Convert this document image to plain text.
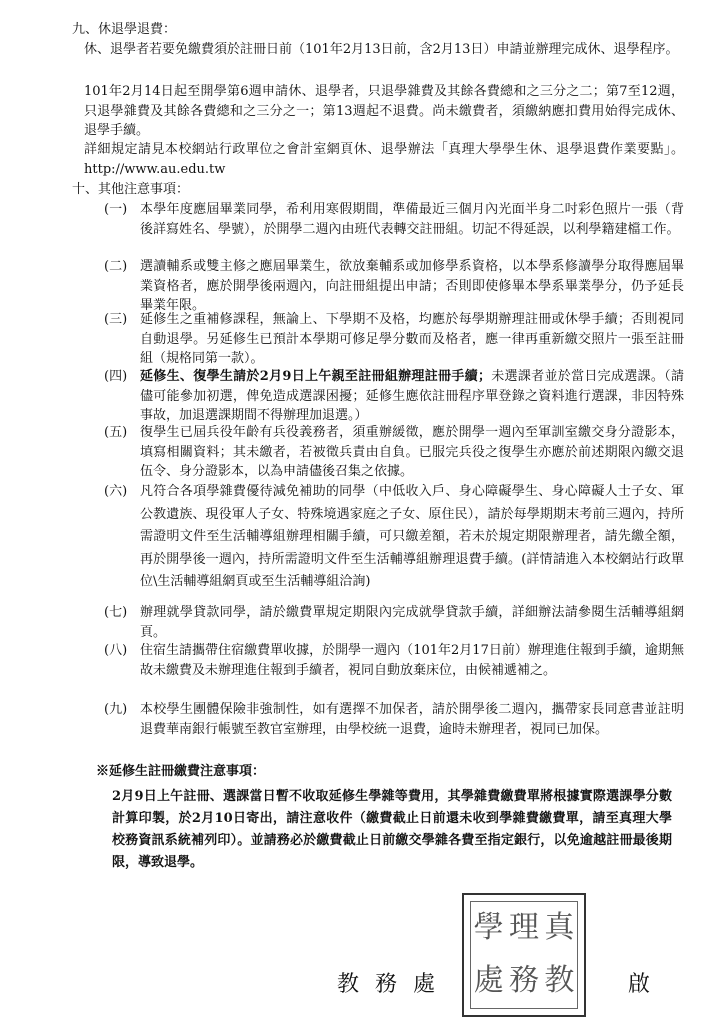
九、休退學退費：
休、退學者若要免繳費須於註冊日前（101年2月13日前，含2月13日）申請並辦理完成休、退學程序。
101年2月14日起至開學第6週申請休、退學者，只退學雜費及其餘各費總和之三分之二；第7至12週，只退學雜費及其餘各費總和之三分之一；第13週起不退費。尚未繳費者，須繳納應扣費用始得完成休、退學手續。
詳細規定請見本校網站行政單位之會計室網頁休、退學辦法「真理大學學生休、退學退費作業要點」。http://www.au.edu.tw
十、其他注意事項：
(一) 本學年度應屆畢業同學，希利用寒假期間，準備最近三個月內光面半身二吋彩色照片一張（背後詳寫姓名、學號），於開學二週內由班代表轉交註冊組。切記不得延誤，以利學籍建檔工作。
(二) 選讀輔系或雙主修之應屆畢業生，欲放棄輔系或加修學系資格，以本學系修讀學分取得應屆畢業資格者，應於開學後兩週內，向註冊組提出申請；否則即使修畢本學系畢業學分，仍予延長畢業年限。
(三) 延修生之重補修課程，無論上、下學期不及格，均應於每學期辦理註冊或休學手續；否則視同自動退學。另延修生已預計本學期可修足學分數而及格者，應一律再重新繳交照片一張至註冊組（規格同第一款）。
(四) 延修生、復學生請於2月9日上午親至註冊組辦理註冊手續；未選課者並於當日完成選課。（請儘可能參加初選，俾免造成選課困擾；延修生應依註冊程序單登錄之資料進行選課，非因特殊事故，加退選課期間不得辦理加退選。）
(五) 復學生已屆兵役年齡有兵役義務者，須重辦緩徵，應於開學一週內至軍訓室繳交身分證影本，填寫相關資料；其未繳者，若被徵兵責由自負。已服完兵役之復學生亦應於前述期限內繳交退伍令、身分證影本，以為申請儘後召集之依據。
(六) 凡符合各項學雜費優待減免補助的同學（中低收入戶、身心障礙學生、身心障礙人士子女、軍公教遺族、現役軍人子女、特殊境遇家庭之子女、原住民），請於每學期期末考前三週內，持所需證明文件至生活輔導組辦理相關手續，可只繳差額，若未於規定期限辦理者，請先繳全額，再於開學後一週內，持所需證明文件至生活輔導組辦理退費手續。(詳情請進入本校網站行政單位\生活輔導組網頁或至生活輔導組洽詢)
(七) 辦理就學貸款同學，請於繳費單規定期限內完成就學貸款手續，詳細辦法請參閱生活輔導組網頁。
(八) 住宿生請攜帶住宿繳費單收據，於開學一週內（101年2月17日前）辦理進住報到手續，逾期無故未繳費及未辦理進住報到手續者，視同自動放棄床位，由候補遞補之。
(九) 本校學生團體保險非強制性，如有選擇不加保者，請於開學後二週內，攜帶家長同意書並註明退費華南銀行帳號至教官室辦理，由學校統一退費，逾時未辦理者，視同已加保。
※延修生註冊繳費注意事項：
2月9日上午註冊、選課當日暫不收取延修生學雜等費用，其學雜費繳費單將根據實際選課學分數計算印製，於2月10日寄出，請注意收件（繳費截止日前還未收到學雜費繳費單，請至真理大學校務資訊系統補列印）。並請務必於繳費截止日前繳交學雜各費至指定銀行，以免逾越註冊最後期限，導致退學。
學 理 真
處 務 教
教務處	啟
